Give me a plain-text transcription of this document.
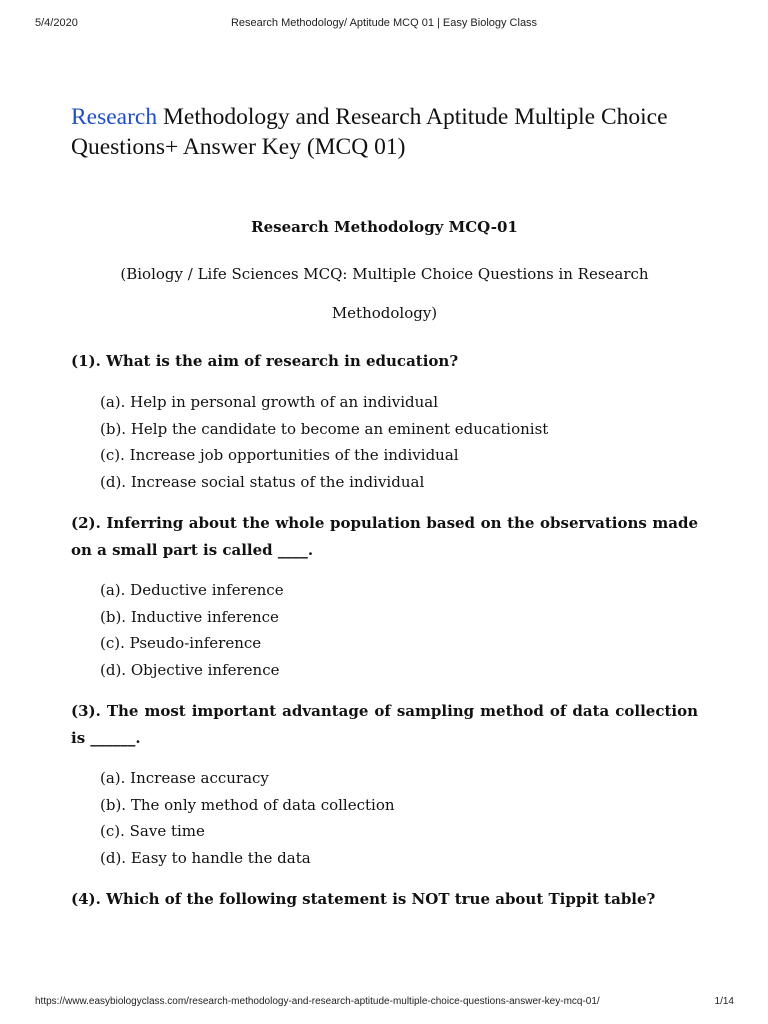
5/4/2020	Research Methodology/ Aptitude MCQ 01 | Easy Biology Class
Research Methodology and Research Aptitude Multiple Choice Questions+ Answer Key (MCQ 01)
Research Methodology MCQ-01
(Biology / Life Sciences MCQ: Multiple Choice Questions in Research Methodology)
(1). What is the aim of research in education?
(a). Help in personal growth of an individual
(b). Help the candidate to become an eminent educationist
(c). Increase job opportunities of the individual
(d). Increase social status of the individual
(2). Inferring about the whole population based on the observations made on a small part is called ____.
(a). Deductive inference
(b). Inductive inference
(c). Pseudo-inference
(d). Objective inference
(3). The most important advantage of sampling method of data collection is ______.
(a). Increase accuracy
(b). The only method of data collection
(c). Save time
(d). Easy to handle the data
(4). Which of the following statement is NOT true about Tippit table?
https://www.easybiologyclass.com/research-methodology-and-research-aptitude-multiple-choice-questions-answer-key-mcq-01/	1/14
